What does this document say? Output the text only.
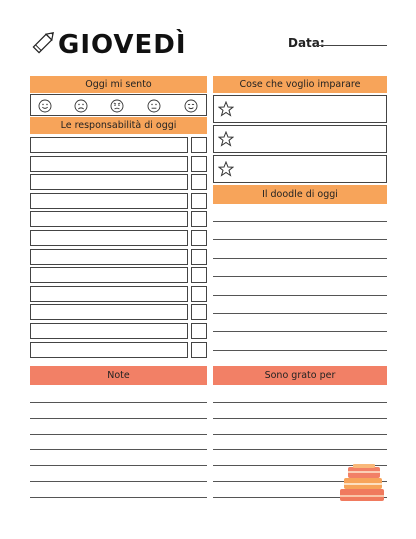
GIOVEDÌ	Data:
Oggi mi sento
Le responsabilità di oggi
Cose che voglio imparare
Il doodle di oggi
Note	Sono grato per
